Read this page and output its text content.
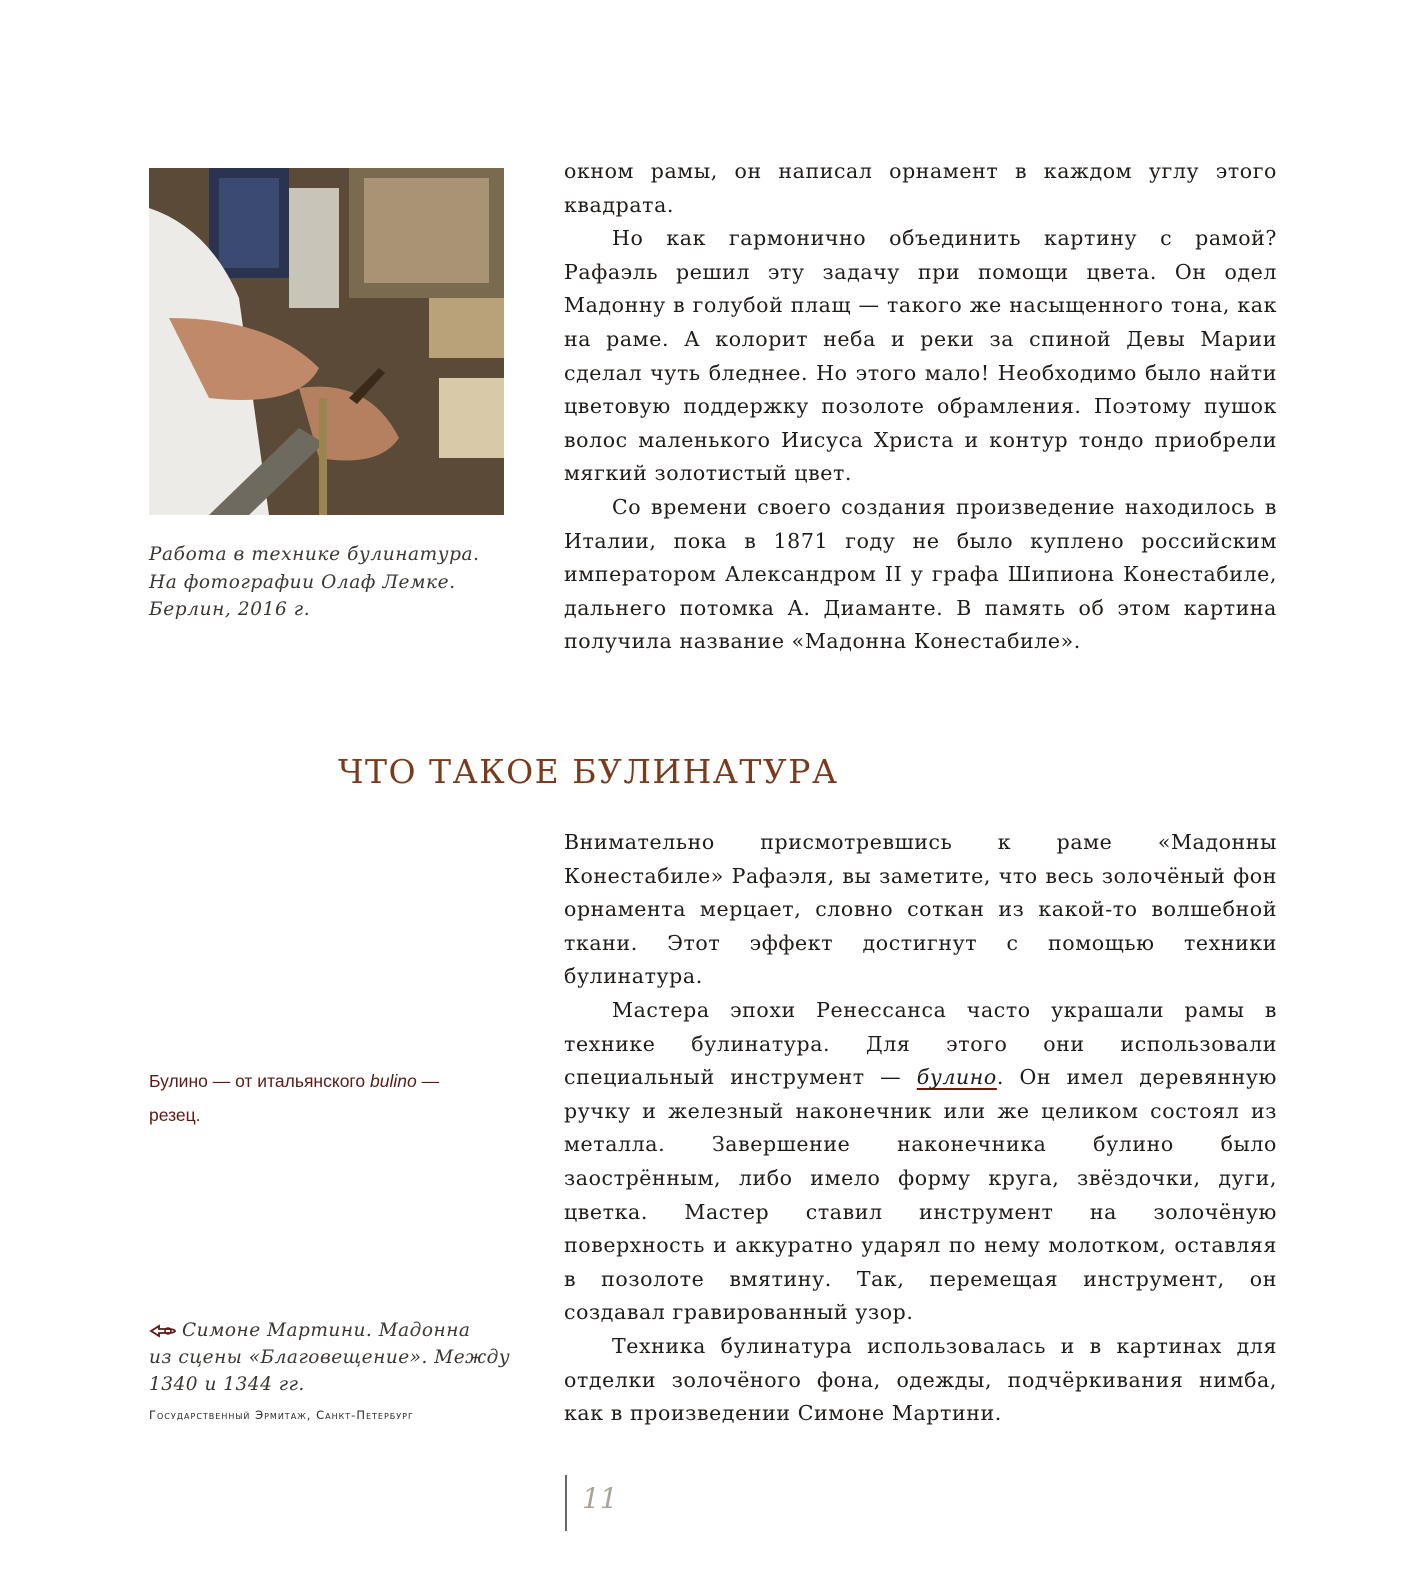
Работа в технике булинатура.
На фотографии Олаф Лемке.
Берлин, 2016 г.

окном рамы, он написал орнамент в каждом углу этого квадрата.

Но как гармонично объединить картину с рамой? Рафаэль решил эту задачу при помощи цвета. Он одел Мадонну в голубой плащ — такого же насыщенного тона, как на раме. А колорит неба и реки за спиной Девы Марии сделал чуть бледнее. Но этого мало! Необходимо было найти цветовую поддержку позолоте обрамления. Поэтому пушок волос маленького Иисуса Христа и контур тондо приобрели мягкий золотистый цвет.

Со времени своего создания произведение находилось в Италии, пока в 1871 году не было куплено российским императором Александром II у графа Шипиона Конестабиле, дальнего потомка А. Диаманте. В память об этом картина получила название «Мадонна Конестабиле».

ЧТО ТАКОЕ БУЛИНАТУРА

Внимательно присмотревшись к раме «Мадонны Конестабиле» Рафаэля, вы заметите, что весь золочёный фон орнамента мерцает, словно соткан из какой-то волшебной ткани. Этот эффект достигнут с помощью техники булинатура.

Мастера эпохи Ренессанса часто украшали рамы в технике булинатура. Для этого они использовали специальный инструмент — булино. Он имел деревянную ручку и железный наконечник или же целиком состоял из металла. Завершение наконечника булино было заострённым, либо имело форму круга, звёздочки, дуги, цветка. Мастер ставил инструмент на золочёную поверхность и аккуратно ударял по нему молотком, оставляя в позолоте вмятину. Так, перемещая инструмент, он создавал гравированный узор.

Техника булинатура использовалась и в картинах для отделки золочёного фона, одежды, подчёркивания нимба, как в произведении Симоне Мартини.

Булино — от итальянского bulino —
резец.
Симоне Мартини. Мадонна
из сцены «Благовещение». Между
1340 и 1344 гг.
Государственный Эрмитаж, Санкт-Петербург
11
